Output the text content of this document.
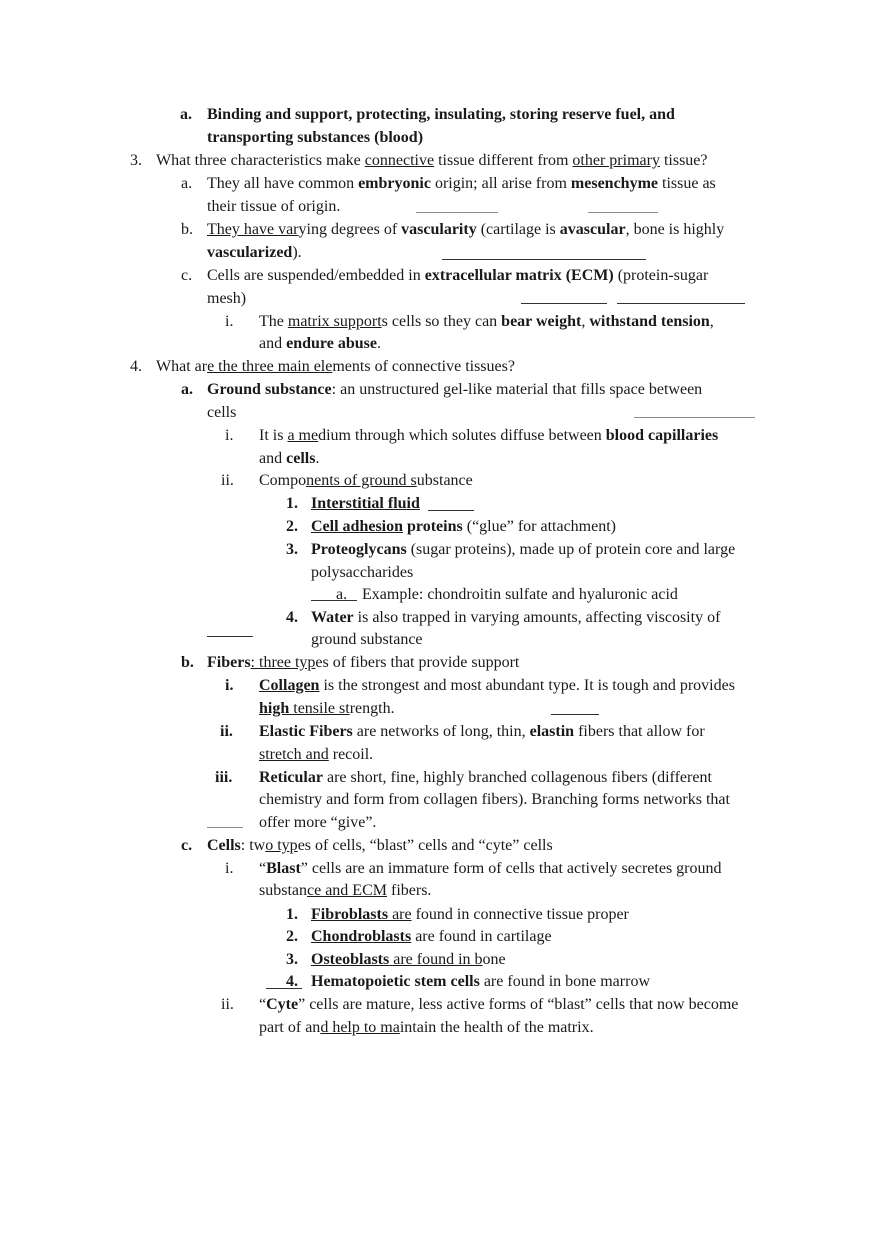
a. Binding and support, protecting, insulating, storing reserve fuel, and
transporting substances (blood)
3. What three characteristics make connective tissue different from other primary tissue?
a. They all have common embryonic origin; all arise from mesenchyme tissue as
their tissue of origin.
b. They have varying degrees of vascularity (cartilage is avascular, bone is highly
vascularized).
c. Cells are suspended/embedded in extracellular matrix (ECM) (protein-sugar
mesh)
i. The matrix supports cells so they can bear weight, withstand tension,
and endure abuse.
4. What are the three main elements of connective tissues?
a. Ground substance: an unstructured gel-like material that fills space between
cells
i. It is a medium through which solutes diffuse between blood capillaries
and cells.
ii. Components of ground substance
1. Interstitial fluid
2. Cell adhesion proteins (“glue” for attachment)
3. Proteoglycans (sugar proteins), made up of protein core and large
polysaccharides
a. Example: chondroitin sulfate and hyaluronic acid
4. Water is also trapped in varying amounts, affecting viscosity of
ground substance
b. Fibers: three types of fibers that provide support
i. Collagen is the strongest and most abundant type. It is tough and provides
high tensile strength.
ii. Elastic Fibers are networks of long, thin, elastin fibers that allow for
stretch and recoil.
iii. Reticular are short, fine, highly branched collagenous fibers (different
chemistry and form from collagen fibers). Branching forms networks that
offer more “give”.
c. Cells: two types of cells, “blast” cells and “cyte” cells
i. “Blast” cells are an immature form of cells that actively secretes ground
substance and ECM fibers.
1. Fibroblasts are found in connective tissue proper
2. Chondroblasts are found in cartilage
3. Osteoblasts are found in bone
4. Hematopoietic stem cells are found in bone marrow
ii. “Cyte” cells are mature, less active forms of “blast” cells that now become
part of and help to maintain the health of the matrix.
